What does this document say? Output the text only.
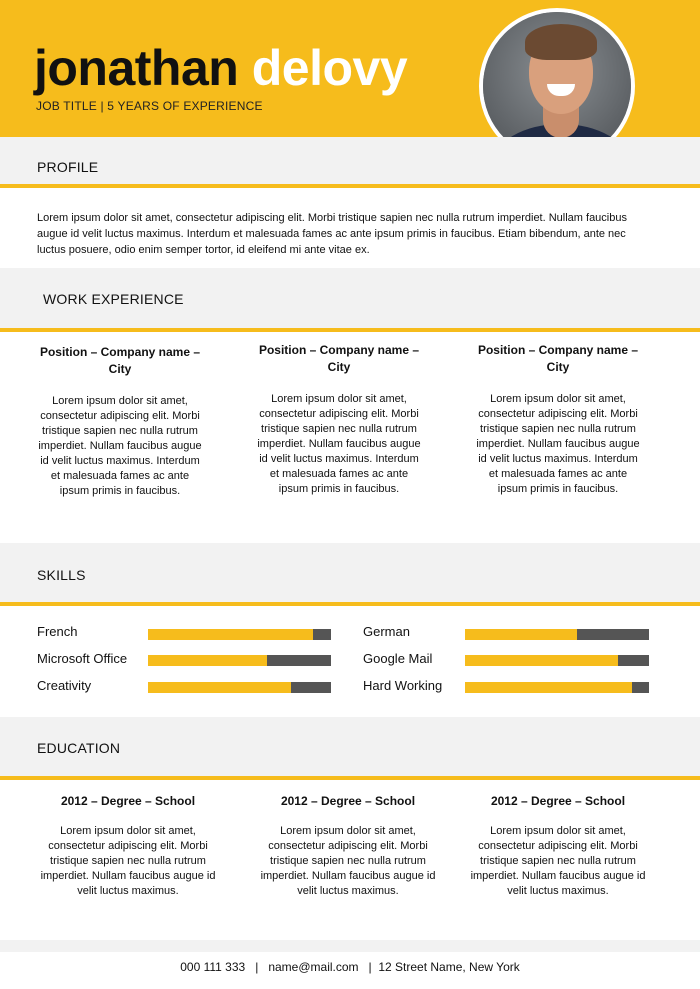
jonathan delovy
JOB TITLE | 5 YEARS OF EXPERIENCE
PROFILE
Lorem ipsum dolor sit amet, consectetur adipiscing elit. Morbi tristique sapien nec nulla rutrum imperdiet. Nullam faucibus augue id velit luctus maximus. Interdum et malesuada fames ac ante ipsum primis in faucibus. Etiam bibendum, ante nec luctus posuere, odio enim semper tortor, id eleifend mi ante vitae ex.
WORK EXPERIENCE
Position – Company name – City
Lorem ipsum dolor sit amet, consectetur adipiscing elit. Morbi tristique sapien nec nulla rutrum imperdiet. Nullam faucibus augue id velit luctus maximus. Interdum et malesuada fames ac ante ipsum primis in faucibus.
Position – Company name – City
Lorem ipsum dolor sit amet, consectetur adipiscing elit. Morbi tristique sapien nec nulla rutrum imperdiet. Nullam faucibus augue id velit luctus maximus. Interdum et malesuada fames ac ante ipsum primis in faucibus.
Position – Company name – City
Lorem ipsum dolor sit amet, consectetur adipiscing elit. Morbi tristique sapien nec nulla rutrum imperdiet. Nullam faucibus augue id velit luctus maximus. Interdum et malesuada fames ac ante ipsum primis in faucibus.
SKILLS
French
Microsoft Office
Creativity
German
Google Mail
Hard Working
EDUCATION
2012 – Degree – School
Lorem ipsum dolor sit amet, consectetur adipiscing elit. Morbi tristique sapien nec nulla rutrum imperdiet. Nullam faucibus augue id velit luctus maximus.
2012 – Degree – School
Lorem ipsum dolor sit amet, consectetur adipiscing elit. Morbi tristique sapien nec nulla rutrum imperdiet. Nullam faucibus augue id velit luctus maximus.
2012 – Degree – School
Lorem ipsum dolor sit amet, consectetur adipiscing elit. Morbi tristique sapien nec nulla rutrum imperdiet. Nullam faucibus augue id velit luctus maximus.
000 111 333   |   name@mail.com   |  12 Street Name, New York
